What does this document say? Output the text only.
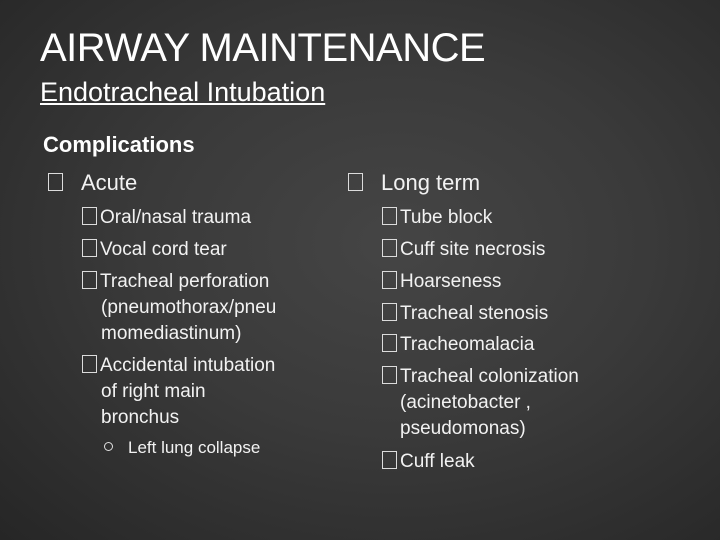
AIRWAY MAINTENANCE
Endotracheal Intubation
Complications
Acute
Oral/nasal trauma
Vocal cord tear
Tracheal perforation
(pneumothorax/pneu
momediastinum)
Accidental intubation
of right main
bronchus
Left lung collapse
Long term
Tube block
Cuff site necrosis
Hoarseness
Tracheal stenosis
Tracheomalacia
Tracheal colonization
(acinetobacter ,
pseudomonas)
Cuff leak
